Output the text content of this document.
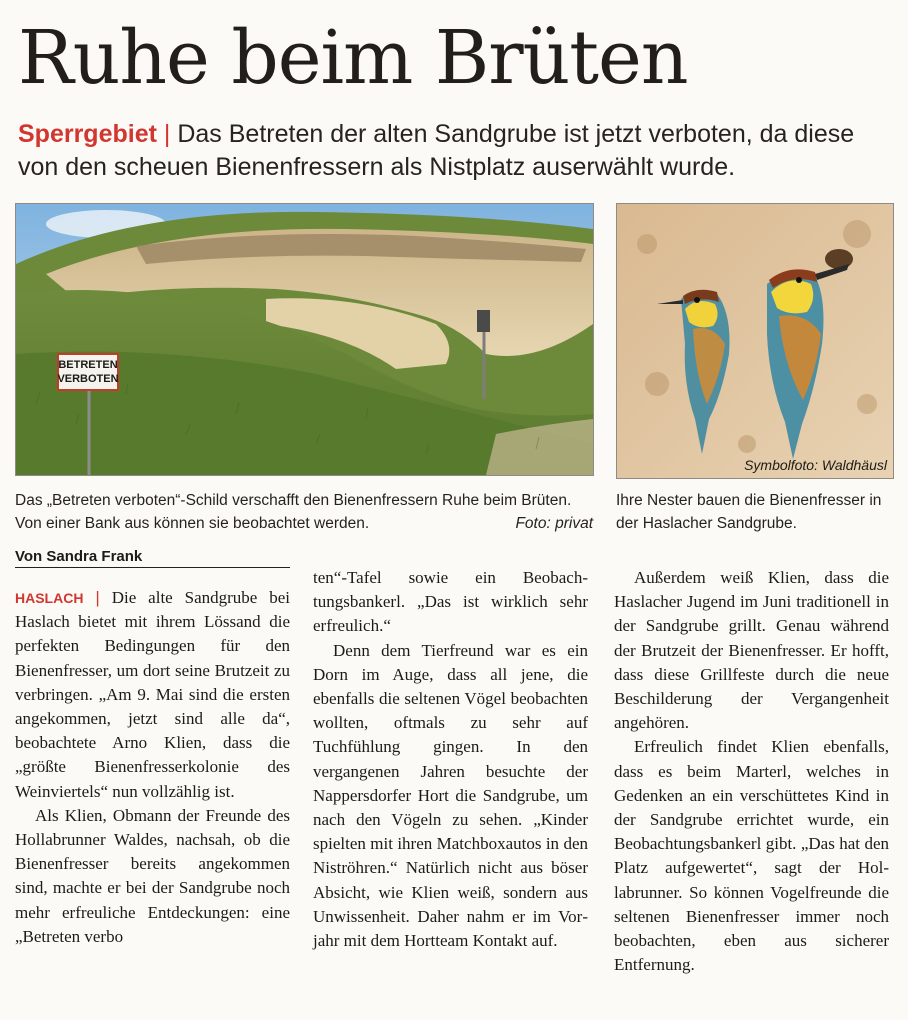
Ruhe beim Brüten
Sperrgebiet | Das Betreten der alten Sandgrube ist jetzt verboten, da diese von den scheuen Bienenfressern als Nistplatz auserwählt wurde.
BETRETEN
VERBOTEN
Symbolfoto: Waldhäusl
Das „Betreten verboten“-Schild verschafft den Bienenfressern Ruhe beim Brüten. Von einer Bank aus können sie beobachtet werden.	Foto: privat
Ihre Nester bauen die Bienenfresser in der Haslacher Sandgrube.
Von Sandra Frank

HASLACH | Die alte Sandgrube bei Haslach bietet mit ihrem Lössand die perfekten Bedingungen für den Bienenfresser, um dort seine Brutzeit zu verbringen. „Am 9. Mai sind die ersten angekommen, jetzt sind alle da“, beobachtete Arno Klien, dass die „größte Bienenfresserkolonie des Weinviertels“ nun vollzählig ist.

Als Klien, Obmann der Freunde des Hollabrunner Waldes, nachsah, ob die Bienenfresser bereits angekommen sind, machte er bei der Sandgrube noch mehr erfreuliche Entdeckungen: eine „Betreten verbo

ten“-Tafel sowie ein Beobachtungsbankerl. „Das ist wirklich sehr erfreulich.“

Denn dem Tierfreund war es ein Dorn im Auge, dass all jene, die ebenfalls die seltenen Vögel beobachten wollten, oftmals zu sehr auf Tuchfühlung gingen. In den vergangenen Jahren besuchte der Nappersdorfer Hort die Sandgrube, um nach den Vögeln zu sehen. „Kinder spielten mit ihren Matchboxautos in den Niströhren.“ Natürlich nicht aus böser Absicht, wie Klien weiß, sondern aus Unwissenheit. Daher nahm er im Vorjahr mit dem Hortteam Kontakt auf.

Außerdem weiß Klien, dass die Haslacher Jugend im Juni traditionell in der Sandgrube grillt. Genau während der Brutzeit der Bienenfresser. Er hofft, dass diese Grillfeste durch die neue Beschilderung der Vergangenheit angehören.

Erfreulich findet Klien ebenfalls, dass es beim Marterl, welches in Gedenken an ein verschüttetes Kind in der Sandgrube errichtet wurde, ein Beobachtungsbankerl gibt. „Das hat den Platz aufgewertet“, sagt der Hollabrunner. So können Vogelfreunde die seltenen Bienenfresser immer noch beobachten, eben aus sicherer Entfernung.
